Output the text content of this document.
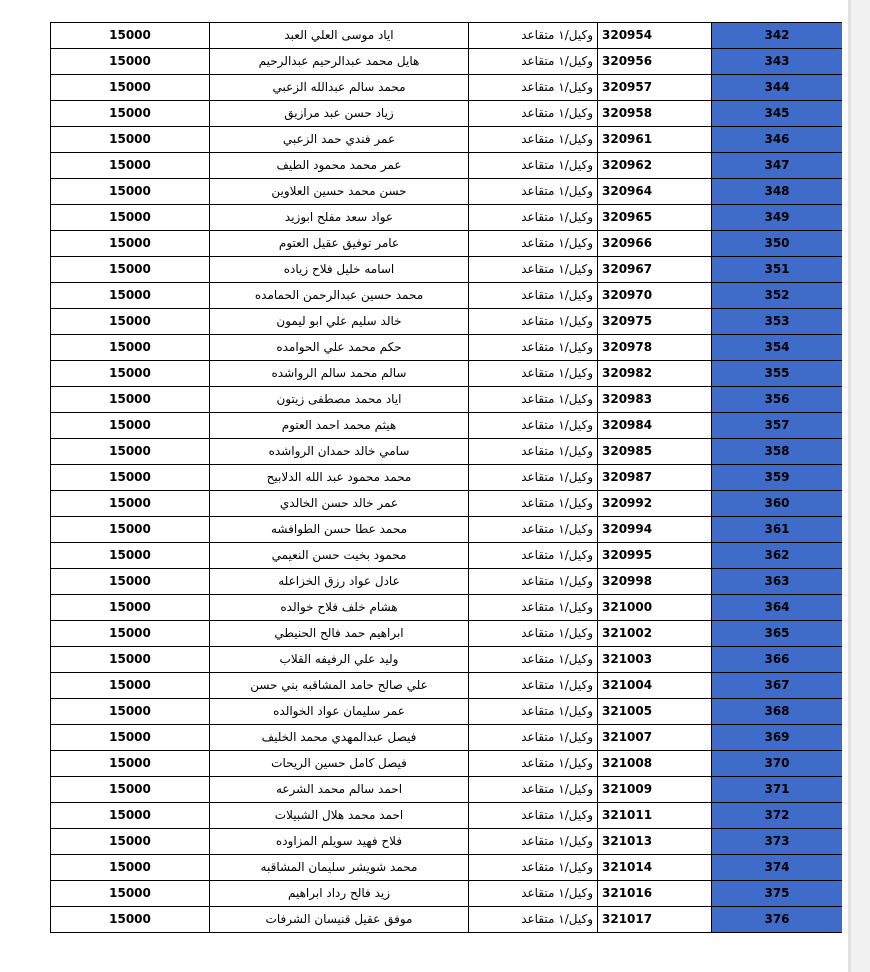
15000	اياد موسى العلي العبد	وكيل/١ متقاعد	320954	342
15000	هايل محمد عبدالرحيم عبدالرحيم	وكيل/١ متقاعد	320956	343
15000	محمد سالم عبدالله الزعبي	وكيل/١ متقاعد	320957	344
15000	زياد حسن عبد مرازيق	وكيل/١ متقاعد	320958	345
15000	عمر فندي حمد الزعبي	وكيل/١ متقاعد	320961	346
15000	عمر محمد محمود الطيف	وكيل/١ متقاعد	320962	347
15000	حسن محمد حسين العلاوين	وكيل/١ متقاعد	320964	348
15000	عواد سعد مفلح ابوزيد	وكيل/١ متقاعد	320965	349
15000	عامر توفيق عقيل العتوم	وكيل/١ متقاعد	320966	350
15000	اسامه خليل فلاح زياده	وكيل/١ متقاعد	320967	351
15000	محمد حسين عبدالرحمن الحمامده	وكيل/١ متقاعد	320970	352
15000	خالد سليم علي ابو ليمون	وكيل/١ متقاعد	320975	353
15000	حكم محمد علي الحوامده	وكيل/١ متقاعد	320978	354
15000	سالم محمد سالم الرواشده	وكيل/١ متقاعد	320982	355
15000	اياد محمد مصطفى زيتون	وكيل/١ متقاعد	320983	356
15000	هيثم محمد احمد العتوم	وكيل/١ متقاعد	320984	357
15000	سامي خالد حمدان الرواشده	وكيل/١ متقاعد	320985	358
15000	محمد محمود عبد الله الدلابيح	وكيل/١ متقاعد	320987	359
15000	عمر خالد حسن الخالدي	وكيل/١ متقاعد	320992	360
15000	محمد عطا حسن الطوافشه	وكيل/١ متقاعد	320994	361
15000	محمود بخيت حسن النعيمي	وكيل/١ متقاعد	320995	362
15000	عادل عواد رزق الخزاعله	وكيل/١ متقاعد	320998	363
15000	هشام خلف فلاح خوالده	وكيل/١ متقاعد	321000	364
15000	ابراهيم حمد فالح الحنيطي	وكيل/١ متقاعد	321002	365
15000	وليد علي الرفيفه القلاب	وكيل/١ متقاعد	321003	366
15000	علي صالح حامد المشاقبه بني حسن	وكيل/١ متقاعد	321004	367
15000	عمر سليمان عواد الخوالده	وكيل/١ متقاعد	321005	368
15000	فيصل عبدالمهدي محمد الخليف	وكيل/١ متقاعد	321007	369
15000	فيصل كامل حسين الريحات	وكيل/١ متقاعد	321008	370
15000	احمد سالم محمد الشرعه	وكيل/١ متقاعد	321009	371
15000	احمد محمد هلال الشبيلات	وكيل/١ متقاعد	321011	372
15000	فلاح فهيد سويلم المزاوده	وكيل/١ متقاعد	321013	373
15000	محمد شويشر سليمان المشاقبه	وكيل/١ متقاعد	321014	374
15000	زيد فالح رداد ابراهيم	وكيل/١ متقاعد	321016	375
15000	موفق عقيل قنيسان الشرفات	وكيل/١ متقاعد	321017	376
